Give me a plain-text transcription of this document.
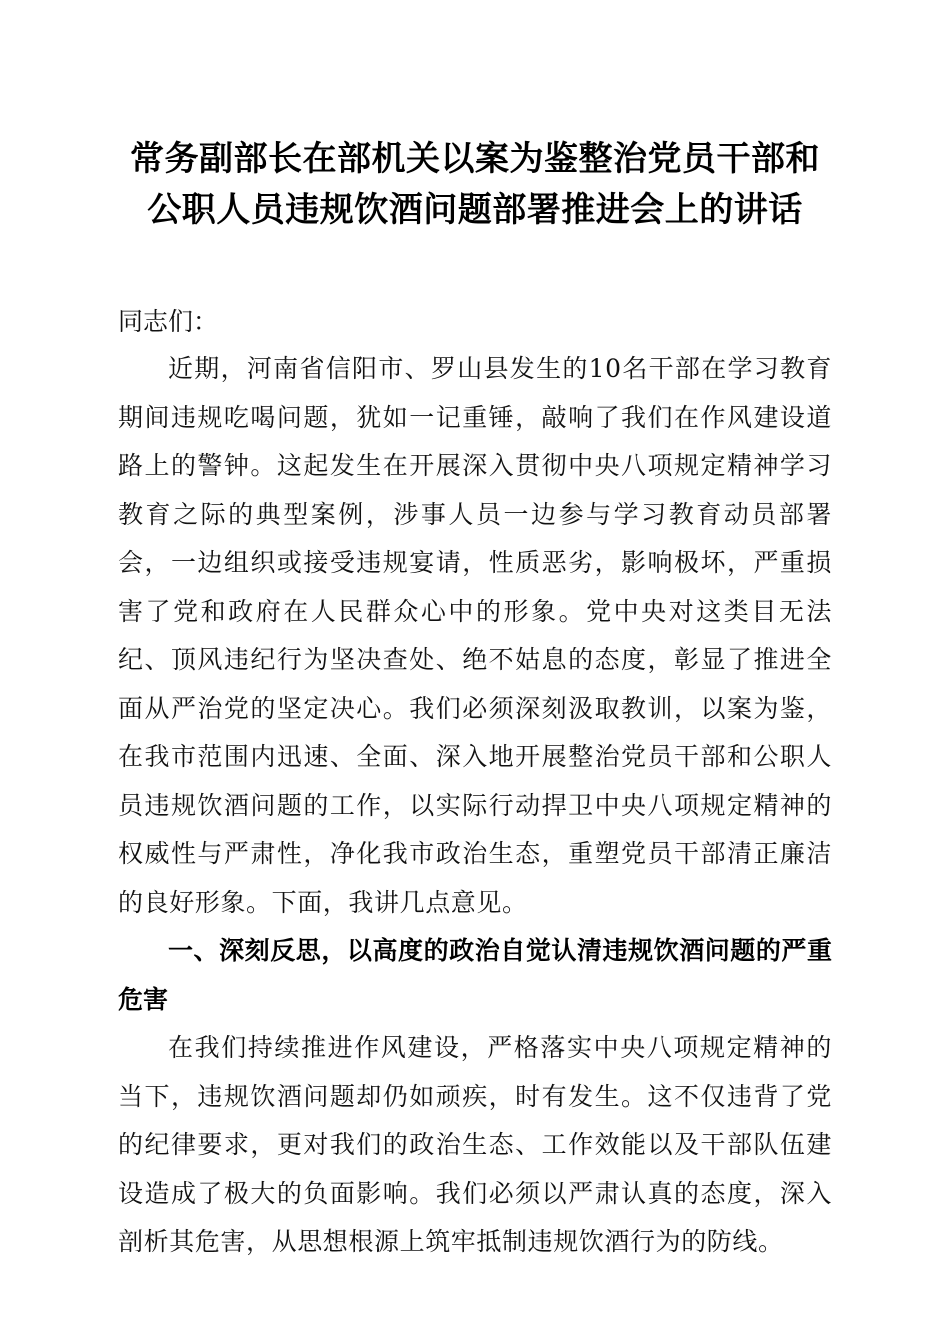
常务副部长在部机关以案为鉴整治党员干部和
公职人员违规饮酒问题部署推进会上的讲话

同志们：

近期，河南省信阳市、罗山县发生的10名干部在学习教育期间违规吃喝问题，犹如一记重锤，敲响了我们在作风建设道路上的警钟。这起发生在开展深入贯彻中央八项规定精神学习教育之际的典型案例，涉事人员一边参与学习教育动员部署会，一边组织或接受违规宴请，性质恶劣，影响极坏，严重损害了党和政府在人民群众心中的形象。党中央对这类目无法纪、顶风违纪行为坚决查处、绝不姑息的态度，彰显了推进全面从严治党的坚定决心。我们必须深刻汲取教训，以案为鉴，在我市范围内迅速、全面、深入地开展整治党员干部和公职人员违规饮酒问题的工作，以实际行动捍卫中央八项规定精神的权威性与严肃性，净化我市政治生态，重塑党员干部清正廉洁的良好形象。下面，我讲几点意见。

一、深刻反思，以高度的政治自觉认清违规饮酒问题的严重危害

在我们持续推进作风建设，严格落实中央八项规定精神的当下，违规饮酒问题却仍如顽疾，时有发生。这不仅违背了党的纪律要求，更对我们的政治生态、工作效能以及干部队伍建设造成了极大的负面影响。我们必须以严肃认真的态度，深入剖析其危害，从思想根源上筑牢抵制违规饮酒行为的防线。
